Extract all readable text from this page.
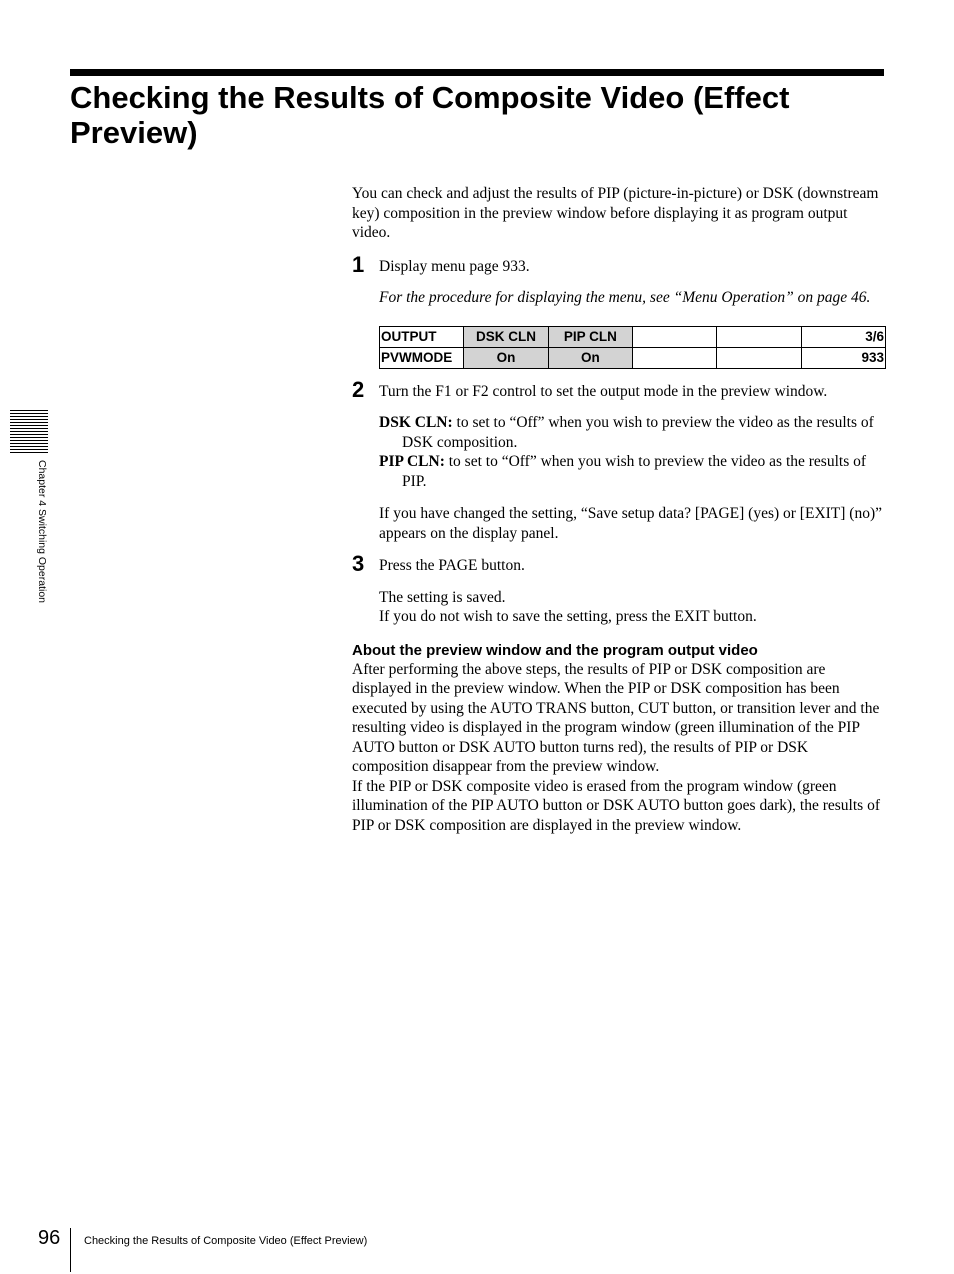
Checking the Results of Composite Video (Effect Preview)
Chapter 4 Switching Operation

You can check and adjust the results of PIP (picture-in-picture) or DSK (downstream key) composition in the preview window before displaying it as program output video.

1 Display menu page 933.

For the procedure for displaying the menu, see “Menu Operation” on page 46.

OUTPUT	DSK CLN	PIP CLN			3/6
PVWMODE	On	On			933
2 Turn the F1 or F2 control to set the output mode in the preview window.

DSK CLN: to set to “Off” when you wish to preview the video as the results of DSK composition.

PIP CLN: to set to “Off” when you wish to preview the video as the results of PIP.

If you have changed the setting, “Save setup data? [PAGE] (yes) or [EXIT] (no)” appears on the display panel.

3 Press the PAGE button.

The setting is saved.

If you do not wish to save the setting, press the EXIT button.

About the preview window and the program output video

After performing the above steps, the results of PIP or DSK composition are displayed in the preview window. When the PIP or DSK composition has been executed by using the AUTO TRANS button, CUT button, or transition lever and the resulting video is displayed in the program window (green illumination of the PIP AUTO button or DSK AUTO button turns red), the results of PIP or DSK composition disappear from the preview window.

If the PIP or DSK composite video is erased from the program window (green illumination of the PIP AUTO button or DSK AUTO button goes dark), the results of PIP or DSK composition are displayed in the preview window.

96 Checking the Results of Composite Video (Effect Preview)
